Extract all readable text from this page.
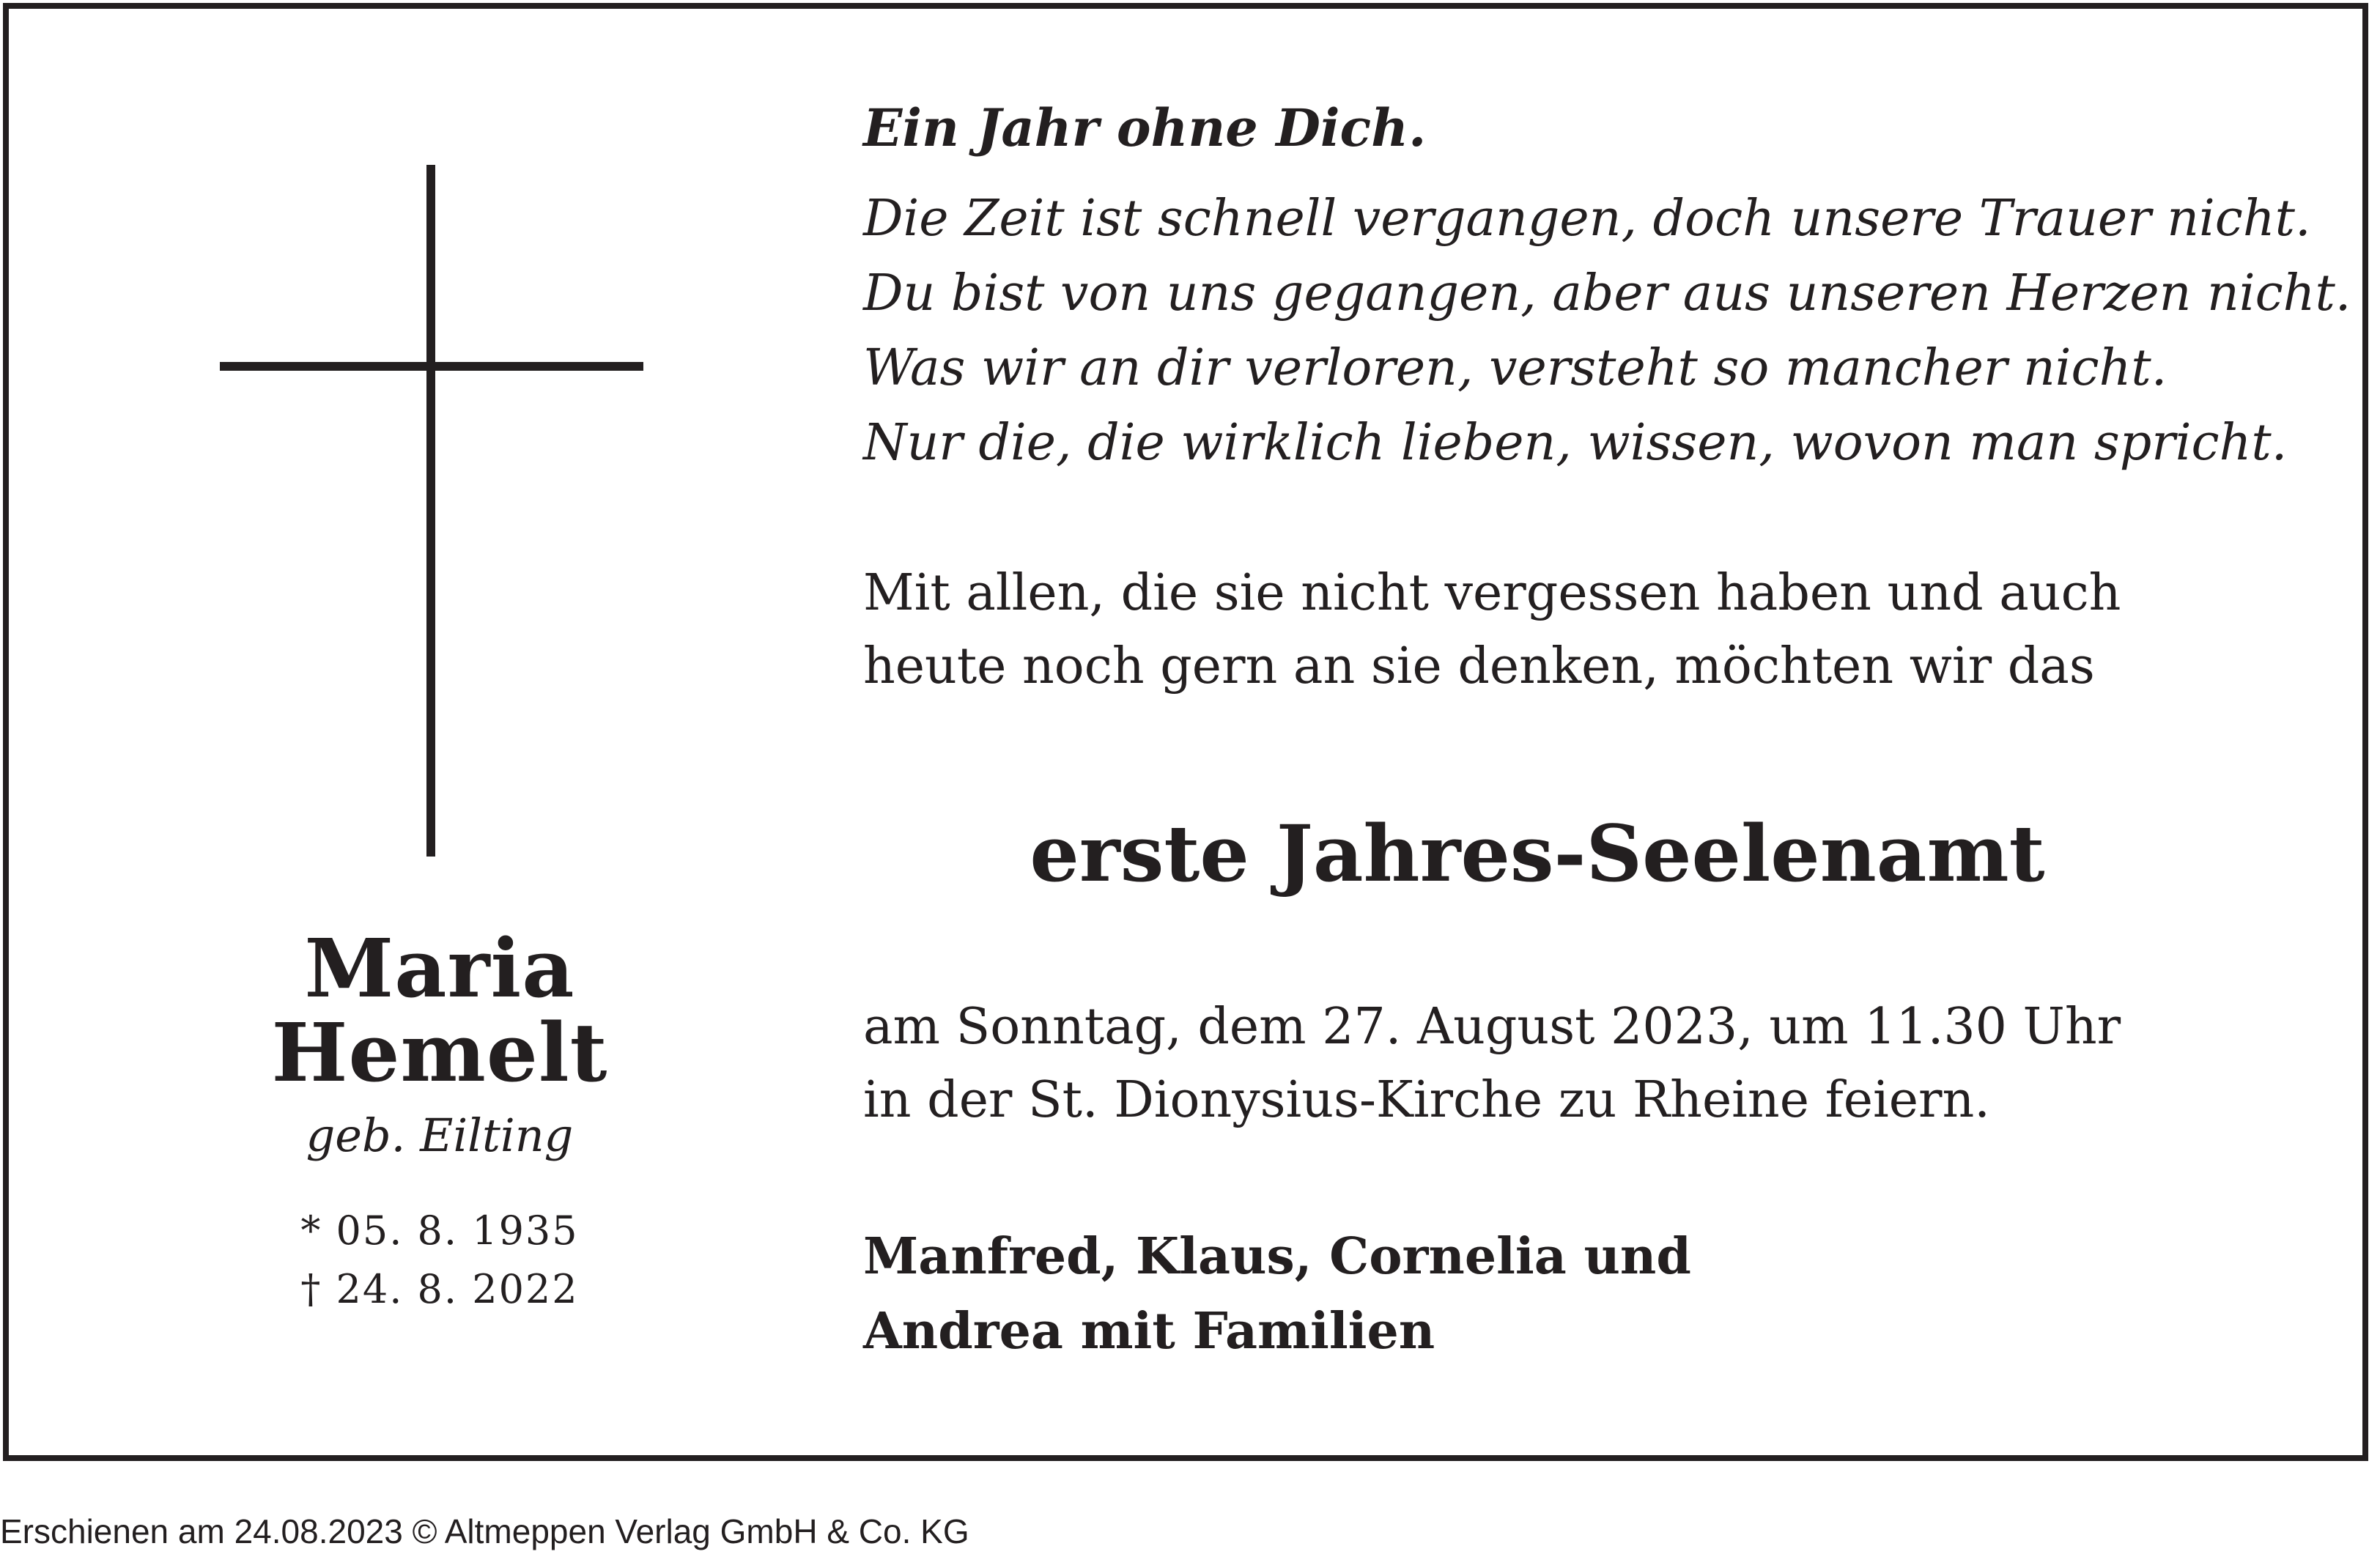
Maria
Hemelt
geb. Eilting
* 05. 8. 1935
† 24. 8. 2022
Ein Jahr ohne Dich.
Die Zeit ist schnell vergangen, doch unsere Trauer nicht.
Du bist von uns gegangen, aber aus unseren Herzen nicht.
Was wir an dir verloren, versteht so mancher nicht.
Nur die, die wirklich lieben, wissen, wovon man spricht.
Mit allen, die sie nicht vergessen haben und auch
heute noch gern an sie denken, möchten wir das
erste Jahres-Seelenamt
am Sonntag, dem 27. August 2023, um 11.30 Uhr
in der St. Dionysius-Kirche zu Rheine feiern.
Manfred, Klaus, Cornelia und
Andrea mit Familien
Erschienen am 24.08.2023 © Altmeppen Verlag GmbH & Co. KG
